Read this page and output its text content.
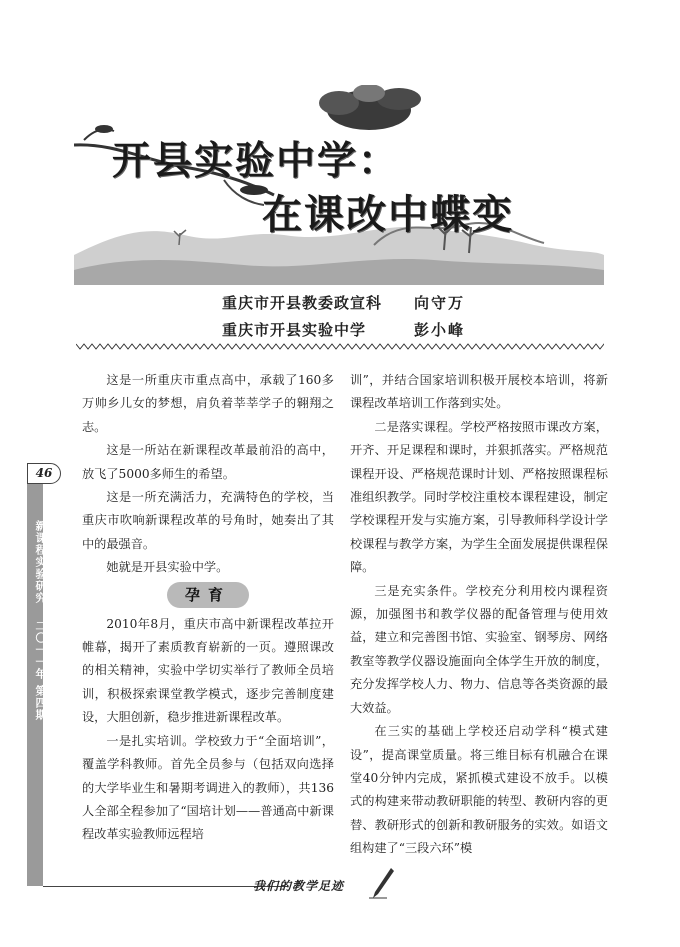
开县实验中学：
在课改中蝶变
重庆市开县教委政宣科	向守万
重庆市开县实验中学	彭小峰

这是一所重庆市重点高中，承载了160多万帅乡儿女的梦想，肩负着莘莘学子的翱翔之志。

这是一所站在新课程改革最前沿的高中，放飞了5000多师生的希望。

这是一所充满活力，充满特色的学校，当重庆市吹响新课程改革的号角时，她奏出了其中的最强音。

她就是开县实验中学。

孕育

2010年8月，重庆市高中新课程改革拉开帷幕，揭开了素质教育崭新的一页。遵照课改的相关精神，实验中学切实举行了教师全员培训，积极探索课堂教学模式，逐步完善制度建设，大胆创新，稳步推进新课程改革。

一是扎实培训。学校致力于“全面培训”，覆盖学科教师。首先全员参与（包括双向选择的大学毕业生和暑期考调进入的教师），共136人全部全程参加了“国培计划——普通高中新课程改革实验教师远程培

训”，并结合国家培训积极开展校本培训，将新课程改革培训工作落到实处。

二是落实课程。学校严格按照市课改方案，开齐、开足课程和课时，并狠抓落实。严格规范课程开设、严格规范课时计划、严格按照课程标准组织教学。同时学校注重校本课程建设，制定学校课程开发与实施方案，引导教师科学设计学校课程与教学方案，为学生全面发展提供课程保障。

三是充实条件。学校充分利用校内课程资源，加强图书和教学仪器的配备管理与使用效益，建立和完善图书馆、实验室、钢琴房、网络教室等教学仪器设施面向全体学生开放的制度，充分发挥学校人力、物力、信息等各类资源的最大效益。

在三实的基础上学校还启动学科“模式建设”，提高课堂质量。将三维目标有机融合在课堂40分钟内完成，紧抓模式建设不放手。以模式的构建来带动教研职能的转型、教研内容的更替、教研形式的创新和教研服务的实效。如语文组构建了“三段六环”模

46
新课程实验研究
二〇一一年 第四期
我们的教学足迹
